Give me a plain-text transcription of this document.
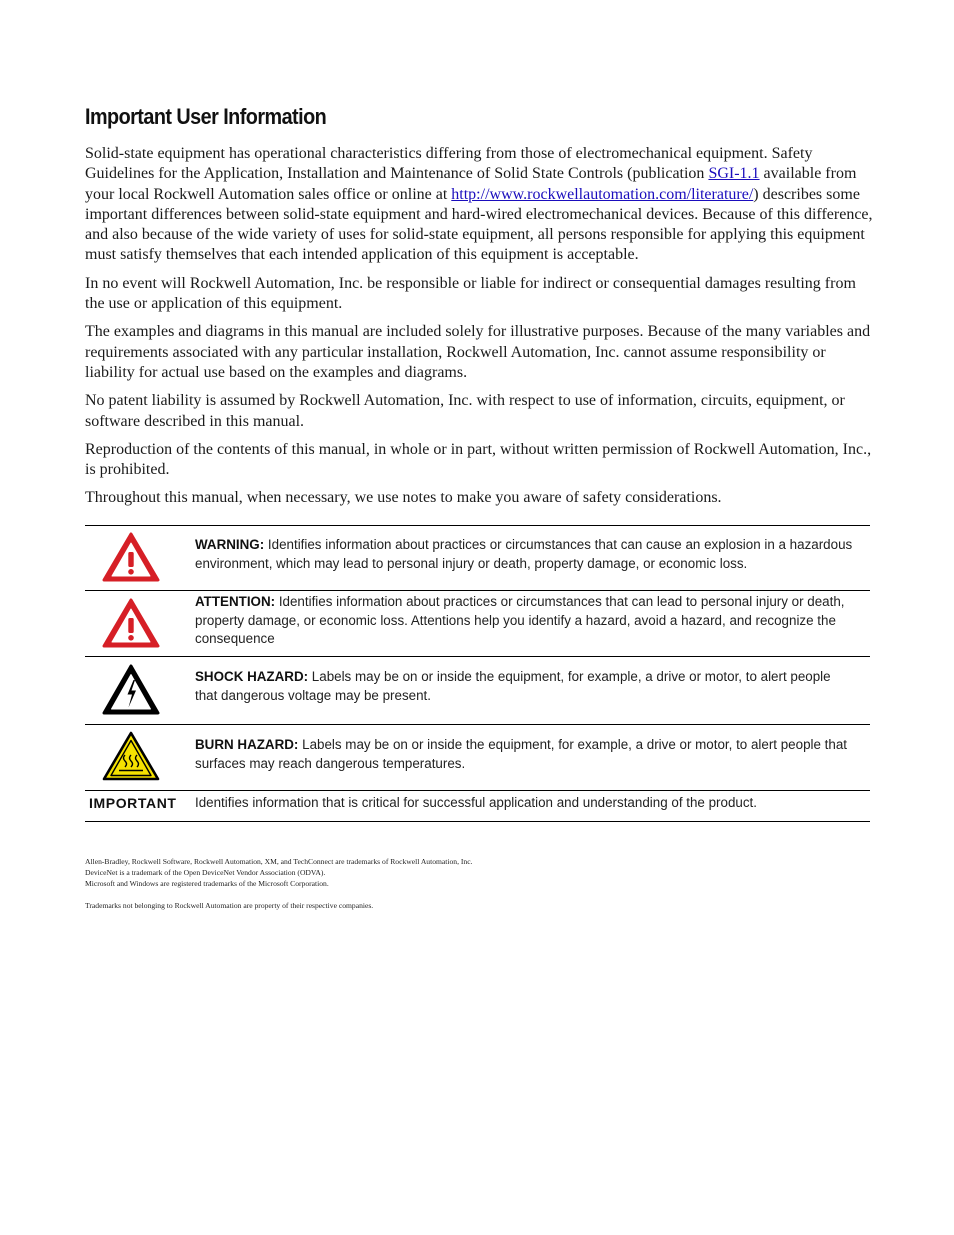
Important User Information

Solid-state equipment has operational characteristics differing from those of electromechanical equipment. Safety Guidelines for the Application, Installation and Maintenance of Solid State Controls (publication SGI-1.1 available from your local Rockwell Automation sales office or online at http://www.rockwellautomation.com/literature/) describes some important differences between solid-state equipment and hard-wired electromechanical devices. Because of this difference, and also because of the wide variety of uses for solid-state equipment, all persons responsible for applying this equipment must satisfy themselves that each intended application of this equipment is acceptable.

In no event will Rockwell Automation, Inc. be responsible or liable for indirect or consequential damages resulting from the use or application of this equipment.

The examples and diagrams in this manual are included solely for illustrative purposes. Because of the many variables and requirements associated with any particular installation, Rockwell Automation, Inc. cannot assume responsibility or liability for actual use based on the examples and diagrams.

No patent liability is assumed by Rockwell Automation, Inc. with respect to use of information, circuits, equipment, or software described in this manual.

Reproduction of the contents of this manual, in whole or in part, without written permission of Rockwell Automation, Inc., is prohibited.

Throughout this manual, when necessary, we use notes to make you aware of safety considerations.

WARNING: Identifies information about practices or circumstances that can cause an explosion in a hazardous environment, which may lead to personal injury or death, property damage, or economic loss.
ATTENTION: Identifies information about practices or circumstances that can lead to personal injury or death, property damage, or economic loss. Attentions help you identify a hazard, avoid a hazard, and recognize the consequence
SHOCK HAZARD: Labels may be on or inside the equipment, for example, a drive or motor, to alert people that dangerous voltage may be present.
BURN HAZARD: Labels may be on or inside the equipment, for example, a drive or motor, to alert people that surfaces may reach dangerous temperatures.
IMPORTANT Identifies information that is critical for successful application and understanding of the product.

Allen-Bradley, Rockwell Software, Rockwell Automation, XM, and TechConnect are trademarks of Rockwell Automation, Inc.

DeviceNet is a trademark of the Open DeviceNet Vendor Association (ODVA).

Microsoft and Windows are registered trademarks of the Microsoft Corporation.

Trademarks not belonging to Rockwell Automation are property of their respective companies.
